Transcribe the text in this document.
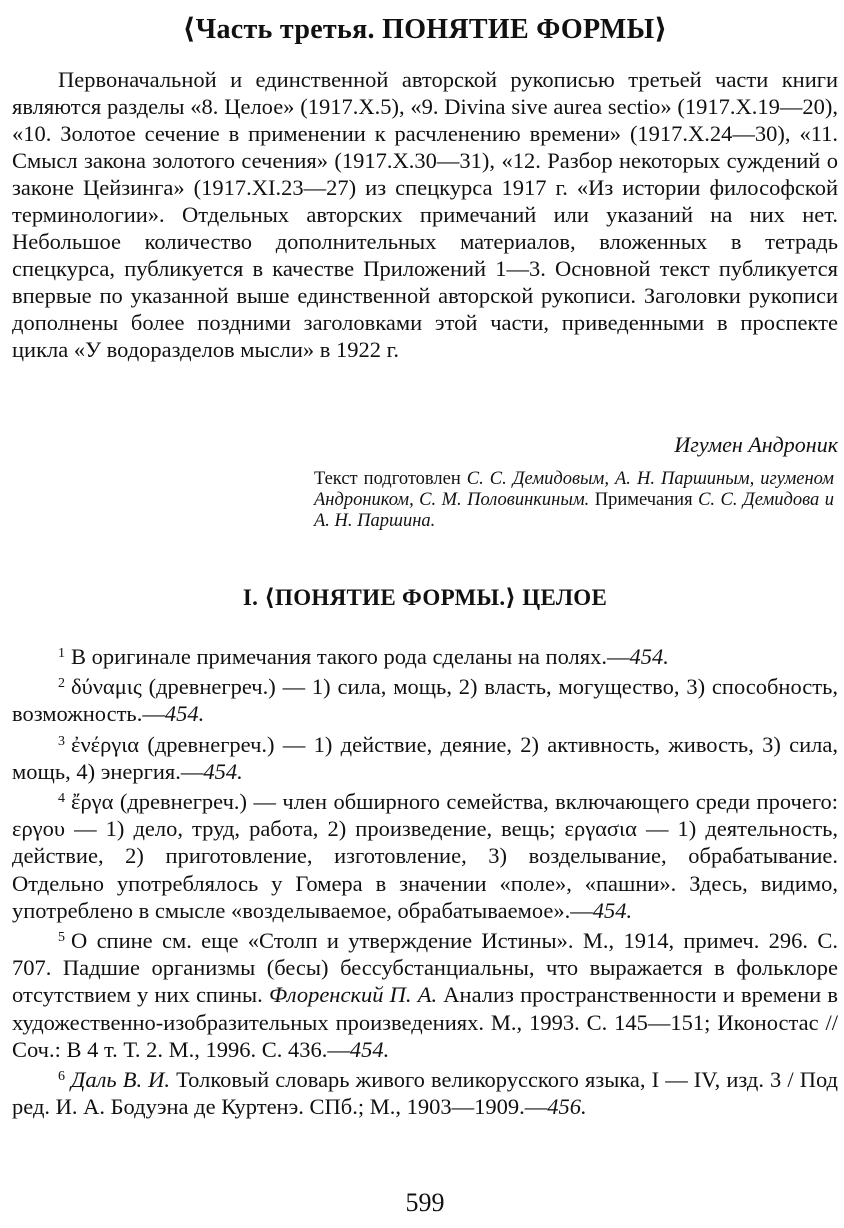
⟨Часть третья. ПОНЯТИЕ ФОРМЫ⟩

Первоначальной и единственной авторской рукописью третьей части книги являются разделы «8. Целое» (1917.X.5), «9. Divina sive aurea sectio» (1917.X.19—20), «10. Золотое сечение в применении к расчленению времени» (1917.X.24—30), «11. Смысл закона золотого сечения» (1917.X.30—31), «12. Разбор некоторых суждений о законе Цейзинга» (1917.XI.23—27) из спецкурса 1917 г. «Из истории философской терминологии». Отдельных авторских примечаний или указаний на них нет. Небольшое количество дополнительных материалов, вложенных в тетрадь спецкурса, публикуется в качестве Приложений 1—3. Основной текст публикуется впервые по указанной выше единственной авторской рукописи. Заголовки рукописи дополнены более поздними заголовками этой части, приведенными в проспекте цикла «У водоразделов мысли» в 1922 г.

Игумен Андроник

Текст подготовлен С. С. Демидовым, А. Н. Паршиным, игуменом Андроником, С. М. Половинкиным. Примечания С. С. Демидова и А. Н. Паршина.

I. ⟨ПОНЯТИЕ ФОРМЫ.⟩ ЦЕЛОЕ

$^1$ В оригинале примечания такого рода сделаны на полях.—454.

$^2$ δύναμις (древнегреч.) — 1) сила, мощь, 2) власть, могущество, 3) способность, возможность.—454.

$^3$ ἐνέργια (древнегреч.) — 1) действие, деяние, 2) активность, живость, 3) сила, мощь, 4) энергия.—454.

$^4$ ἔργα (древнегреч.) — член обширного семейства, включающего среди прочего: εργου — 1) дело, труд, работа, 2) произведение, вещь; εργασια — 1) деятельность, действие, 2) приготовление, изготовление, 3) возделывание, обрабатывание. Отдельно употреблялось у Гомера в значении «поле», «пашни». Здесь, видимо, употреблено в смысле «возделываемое, обрабатываемое».—454.

$^5$ О спине см. еще «Столп и утверждение Истины». М., 1914, примеч. 296. С. 707. Падшие организмы (бесы) бессубстанциальны, что выражается в фольклоре отсутствием у них спины. Флоренский П. А. Анализ пространственности и времени в художественно-изобразительных произведениях. М., 1993. С. 145—151; Иконостас // Соч.: В 4 т. Т. 2. М., 1996. С. 436.—454.

$^6$ Даль В. И. Толковый словарь живого великорусского языка, I — IV, изд. 3 / Под ред. И. А. Бодуэна де Куртенэ. СПб.; М., 1903—1909.—456.

599
